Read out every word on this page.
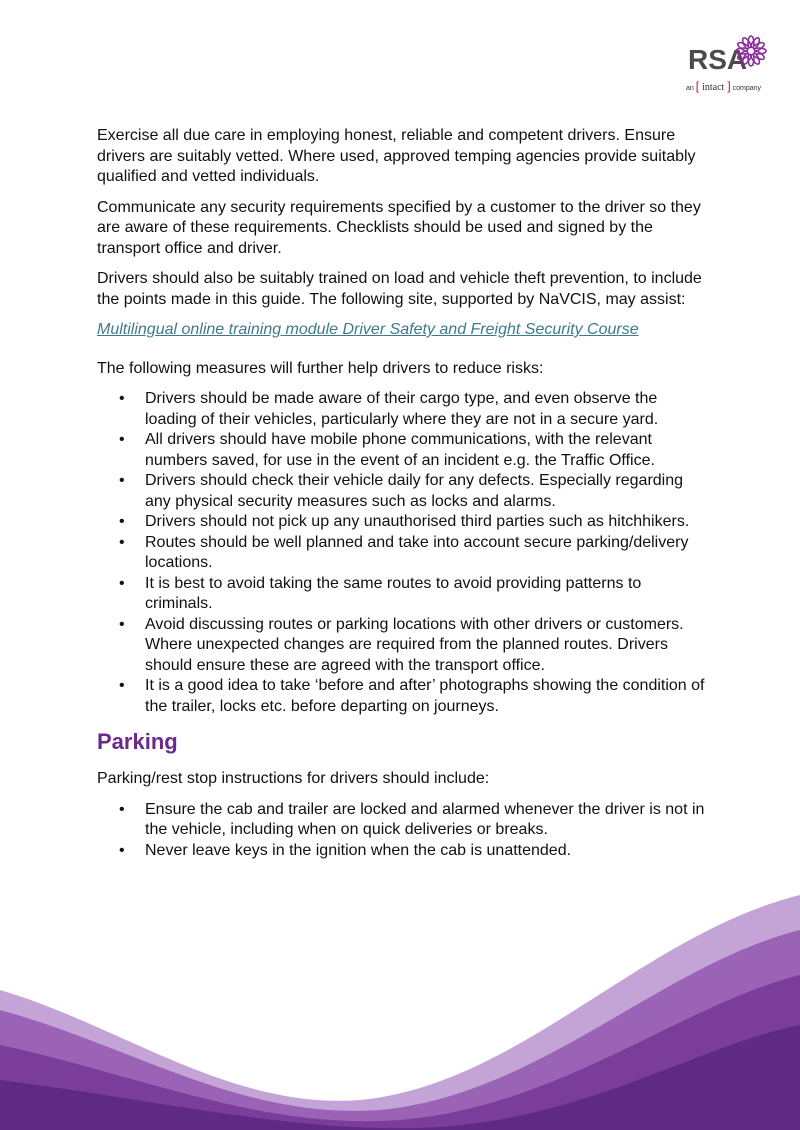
RSA
an [ intact ] company

Exercise all due care in employing honest, reliable and competent drivers. Ensure drivers are suitably vetted. Where used, approved temping agencies provide suitably qualified and vetted individuals.

Communicate any security requirements specified by a customer to the driver so they are aware of these requirements. Checklists should be used and signed by the transport office and driver.

Drivers should also be suitably trained on load and vehicle theft prevention, to include the points made in this guide. The following site, supported by NaVCIS, may assist:

Multilingual online training module Driver Safety and Freight Security Course

The following measures will further help drivers to reduce risks:

• Drivers should be made aware of their cargo type, and even observe the loading of their vehicles, particularly where they are not in a secure yard.
• All drivers should have mobile phone communications, with the relevant numbers saved, for use in the event of an incident e.g. the Traffic Office.
• Drivers should check their vehicle daily for any defects. Especially regarding any physical security measures such as locks and alarms.
• Drivers should not pick up any unauthorised third parties such as hitchhikers.
• Routes should be well planned and take into account secure parking/delivery locations.
• It is best to avoid taking the same routes to avoid providing patterns to criminals.
• Avoid discussing routes or parking locations with other drivers or customers. Where unexpected changes are required from the planned routes. Drivers should ensure these are agreed with the transport office.
• It is a good idea to take ‘before and after’ photographs showing the condition of the trailer, locks etc. before departing on journeys.
Parking

Parking/rest stop instructions for drivers should include:

• Ensure the cab and trailer are locked and alarmed whenever the driver is not in the vehicle, including when on quick deliveries or breaks.
• Never leave keys in the ignition when the cab is unattended.
